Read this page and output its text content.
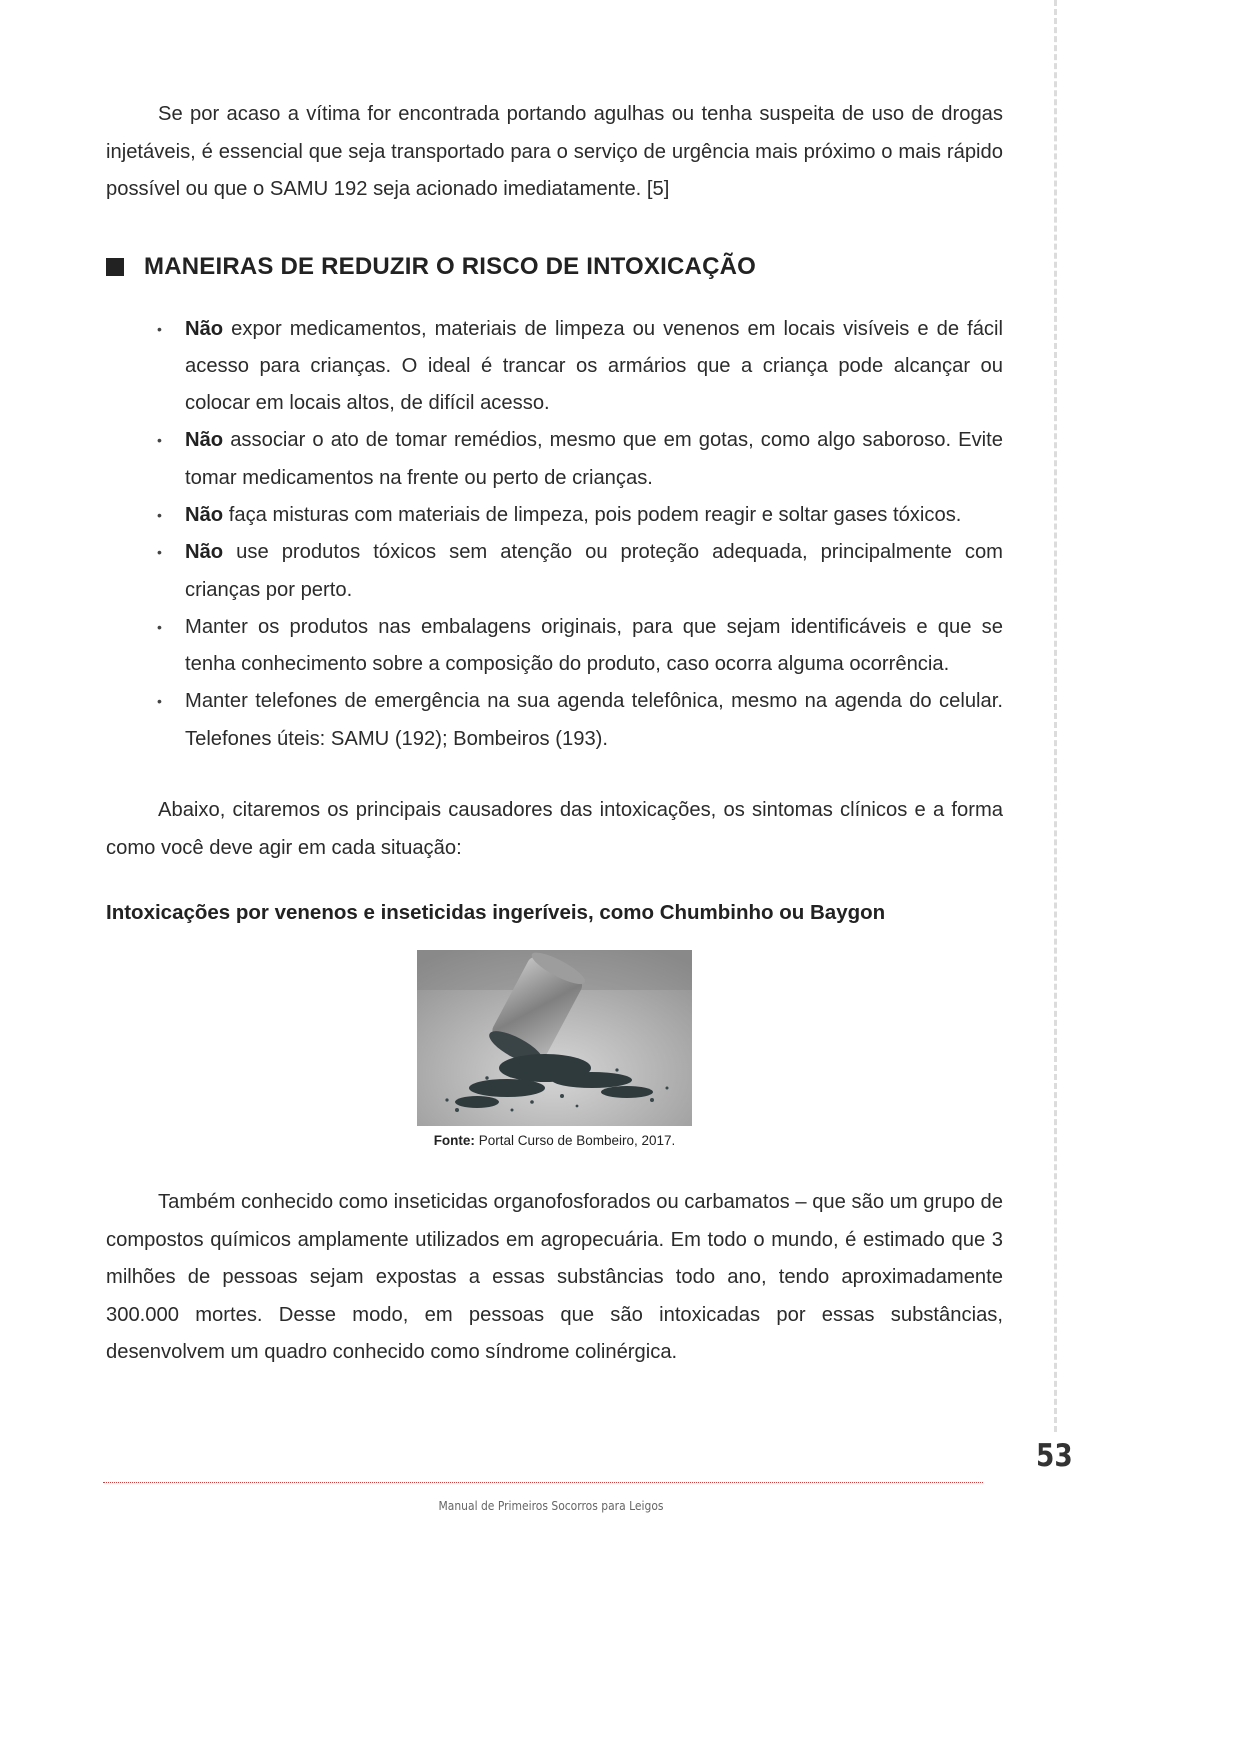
Se por acaso a vítima for encontrada portando agulhas ou tenha suspeita de uso de drogas injetáveis, é essencial que seja transportado para o serviço de urgência mais próximo o mais rápido possível ou que o SAMU 192 seja acionado imediatamente. [5]

MANEIRAS DE REDUZIR O RISCO DE INTOXICAÇÃO
• Não expor medicamentos, materiais de limpeza ou venenos em locais visíveis e de fácil acesso para crianças. O ideal é trancar os armários que a criança pode alcançar ou colocar em locais altos, de difícil acesso.
• Não associar o ato de tomar remédios, mesmo que em gotas, como algo saboroso. Evite tomar medicamentos na frente ou perto de crianças.
• Não faça misturas com materiais de limpeza, pois podem reagir e soltar gases tóxicos.
• Não use produtos tóxicos sem atenção ou proteção adequada, principalmente com crianças por perto.
• Manter os produtos nas embalagens originais, para que sejam identificáveis e que se tenha conhecimento sobre a composição do produto, caso ocorra alguma ocorrência.
• Manter telefones de emergência na sua agenda telefônica, mesmo na agenda do celular. Telefones úteis: SAMU (192); Bombeiros (193).

Abaixo, citaremos os principais causadores das intoxicações, os sintomas clínicos e a forma como você deve agir em cada situação:

Intoxicações por venenos e inseticidas ingeríveis, como Chumbinho ou Baygon
Fonte: Portal Curso de Bombeiro, 2017.

Também conhecido como inseticidas organofosforados ou carbamatos – que são um grupo de compostos químicos amplamente utilizados em agropecuária. Em todo o mundo, é estimado que 3 milhões de pessoas sejam expostas a essas substâncias todo ano, tendo aproximadamente 300.000 mortes. Desse modo, em pessoas que são intoxicadas por essas substâncias, desenvolvem um quadro conhecido como síndrome colinérgica.

53
Manual de Primeiros Socorros para Leigos
